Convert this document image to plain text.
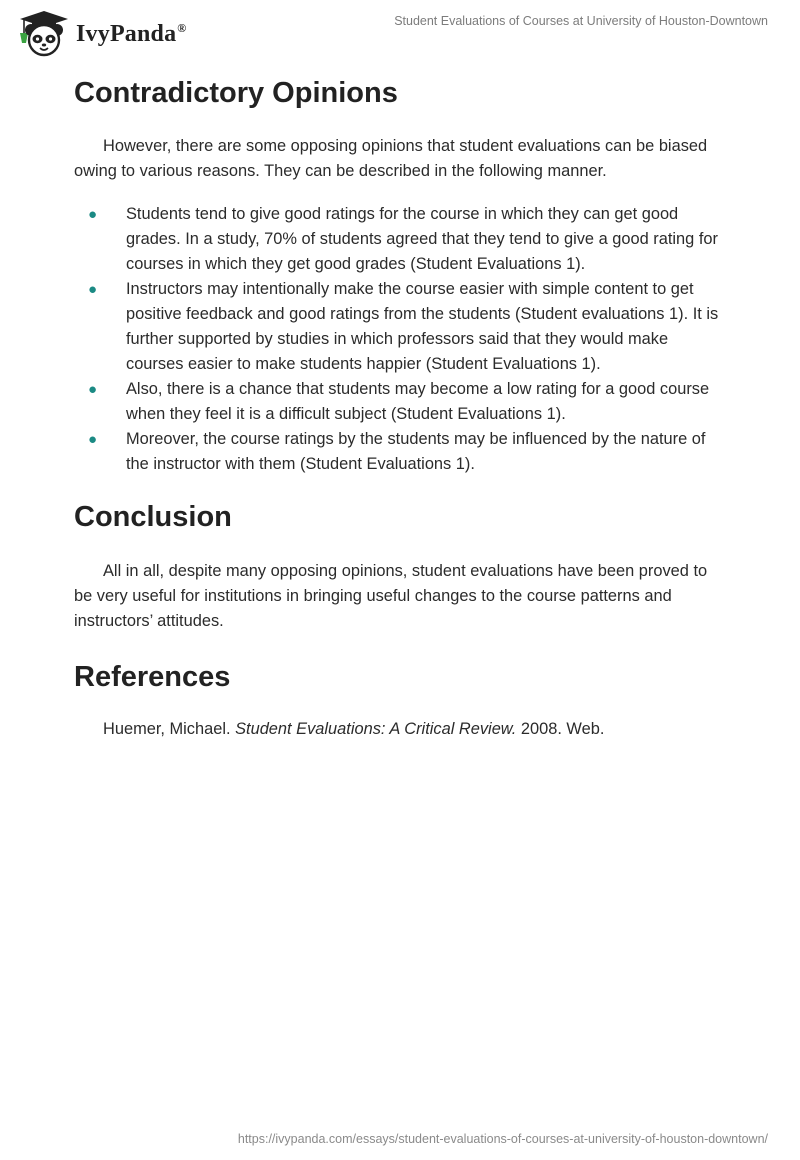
IvyPanda®	Student Evaluations of Courses at University of Houston-Downtown
Contradictory Opinions

However, there are some opposing opinions that student evaluations can be biased owing to various reasons. They can be described in the following manner.

● Students tend to give good ratings for the course in which they can get good grades. In a study, 70% of students agreed that they tend to give a good rating for courses in which they get good grades (Student Evaluations 1).
● Instructors may intentionally make the course easier with simple content to get positive feedback and good ratings from the students (Student evaluations 1). It is further supported by studies in which professors said that they would make courses easier to make students happier (Student Evaluations 1).
● Also, there is a chance that students may become a low rating for a good course when they feel it is a difficult subject (Student Evaluations 1).
● Moreover, the course ratings by the students may be influenced by the nature of the instructor with them (Student Evaluations 1).
Conclusion

All in all, despite many opposing opinions, student evaluations have been proved to be very useful for institutions in bringing useful changes to the course patterns and instructors’ attitudes.

References

Huemer, Michael. Student Evaluations: A Critical Review. 2008. Web.

https://ivypanda.com/essays/student-evaluations-of-courses-at-university-of-houston-downtown/
